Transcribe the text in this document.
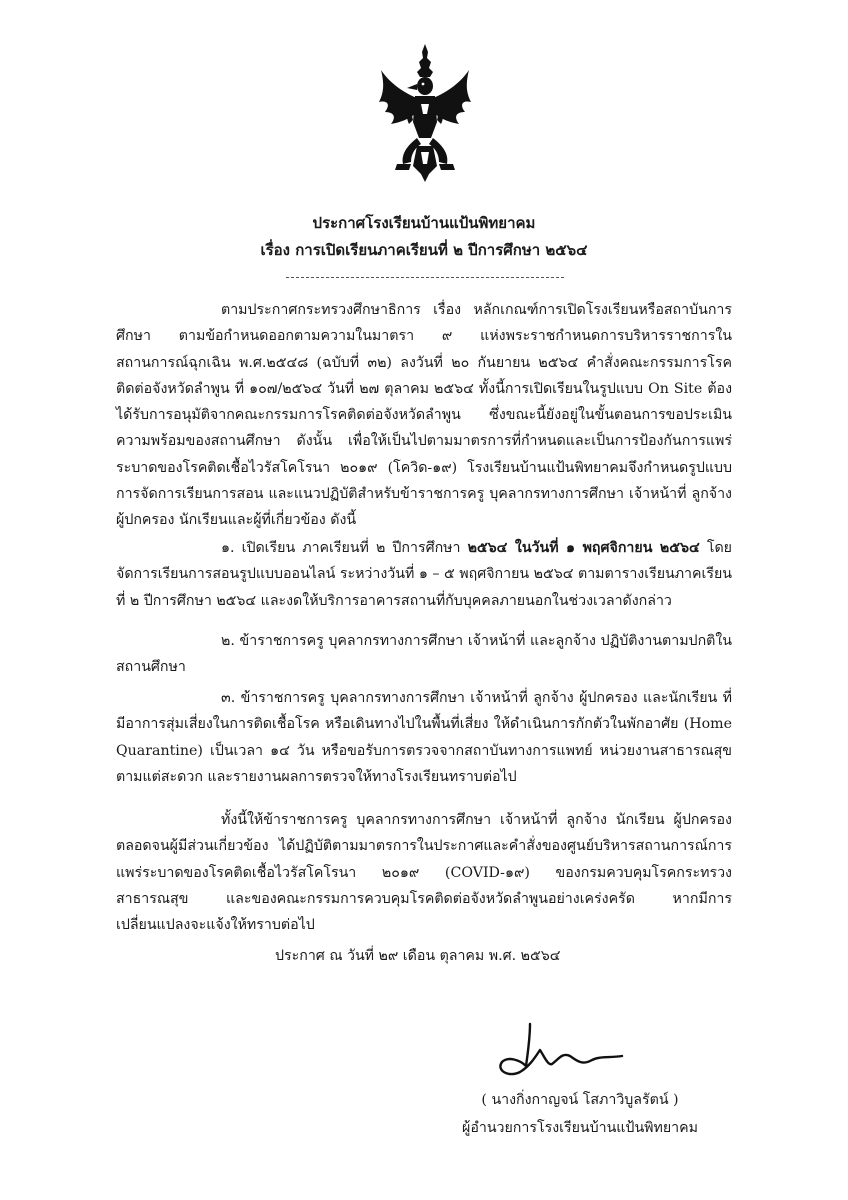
ประกาศโรงเรียนบ้านแป้นพิทยาคม
เรื่อง การเปิดเรียนภาคเรียนที่ ๒ ปีการศึกษา ๒๕๖๔

ตามประกาศกระทรวงศึกษาธิการ เรื่อง หลักเกณฑ์การเปิดโรงเรียนหรือสถาบันการศึกษา ตามข้อกำหนดออกตามความในมาตรา ๙ แห่งพระราชกำหนดการบริหารราชการในสถานการณ์ฉุกเฉิน พ.ศ.๒๕๔๘ (ฉบับที่ ๓๒) ลงวันที่ ๒๐ กันยายน ๒๕๖๔ คำสั่งคณะกรรมการโรคติดต่อจังหวัดลำพูน ที่ ๑๐๗/๒๕๖๔ วันที่ ๒๗ ตุลาคม ๒๕๖๔ ทั้งนี้การเปิดเรียนในรูปแบบ On Site ต้องได้รับการอนุมัติจากคณะกรรมการโรคติดต่อจังหวัดลำพูน ซึ่งขณะนี้ยังอยู่ในขั้นตอนการขอประเมินความพร้อมของสถานศึกษา ดังนั้น เพื่อให้เป็นไปตามมาตรการที่กำหนดและเป็นการป้องกันการแพร่ระบาดของโรคติดเชื้อไวรัสโคโรนา ๒๐๑๙ (โควิด-๑๙) โรงเรียนบ้านแป้นพิทยาคมจึงกำหนดรูปแบบการจัดการเรียนการสอน และแนวปฏิบัติสำหรับข้าราชการครู บุคลากรทางการศึกษา เจ้าหน้าที่ ลูกจ้าง ผู้ปกครอง นักเรียนและผู้ที่เกี่ยวข้อง ดังนี้

๑. เปิดเรียน ภาคเรียนที่ ๒ ปีการศึกษา ๒๕๖๔ ในวันที่ ๑ พฤศจิกายน ๒๕๖๔ โดยจัดการเรียนการสอนรูปแบบออนไลน์ ระหว่างวันที่ ๑ – ๕ พฤศจิกายน ๒๕๖๔ ตามตารางเรียนภาคเรียนที่ ๒ ปีการศึกษา ๒๕๖๔ และงดให้บริการอาคารสถานที่กับบุคคลภายนอกในช่วงเวลาดังกล่าว

๒. ข้าราชการครู บุคลากรทางการศึกษา เจ้าหน้าที่ และลูกจ้าง ปฏิบัติงานตามปกติในสถานศึกษา

๓. ข้าราชการครู บุคลากรทางการศึกษา เจ้าหน้าที่ ลูกจ้าง ผู้ปกครอง และนักเรียน ที่มีอาการสุ่มเสี่ยงในการติดเชื้อโรค หรือเดินทางไปในพื้นที่เสี่ยง ให้ดำเนินการกักตัวในพักอาศัย (Home Quarantine) เป็นเวลา ๑๔ วัน หรือขอรับการตรวจจากสถาบันทางการแพทย์ หน่วยงานสาธารณสุขตามแต่สะดวก และรายงานผลการตรวจให้ทางโรงเรียนทราบต่อไป

ทั้งนี้ให้ข้าราชการครู บุคลากรทางการศึกษา เจ้าหน้าที่ ลูกจ้าง นักเรียน ผู้ปกครอง ตลอดจนผู้มีส่วนเกี่ยวข้อง ได้ปฏิบัติตามมาตรการในประกาศและคำสั่งของศูนย์บริหารสถานการณ์การแพร่ระบาดของโรคติดเชื้อไวรัสโคโรนา ๒๐๑๙ (COVID-๑๙) ของกรมควบคุมโรคกระทรวงสาธารณสุข และของคณะกรรมการควบคุมโรคติดต่อจังหวัดลำพูนอย่างเคร่งครัด หากมีการเปลี่ยนแปลงจะแจ้งให้ทราบต่อไป

ประกาศ ณ วันที่ ๒๙ เดือน ตุลาคม พ.ศ. ๒๕๖๔
( นางกิ่งกาญจน์ โสภาวิบูลรัตน์ )
ผู้อำนวยการโรงเรียนบ้านแป้นพิทยาคม
